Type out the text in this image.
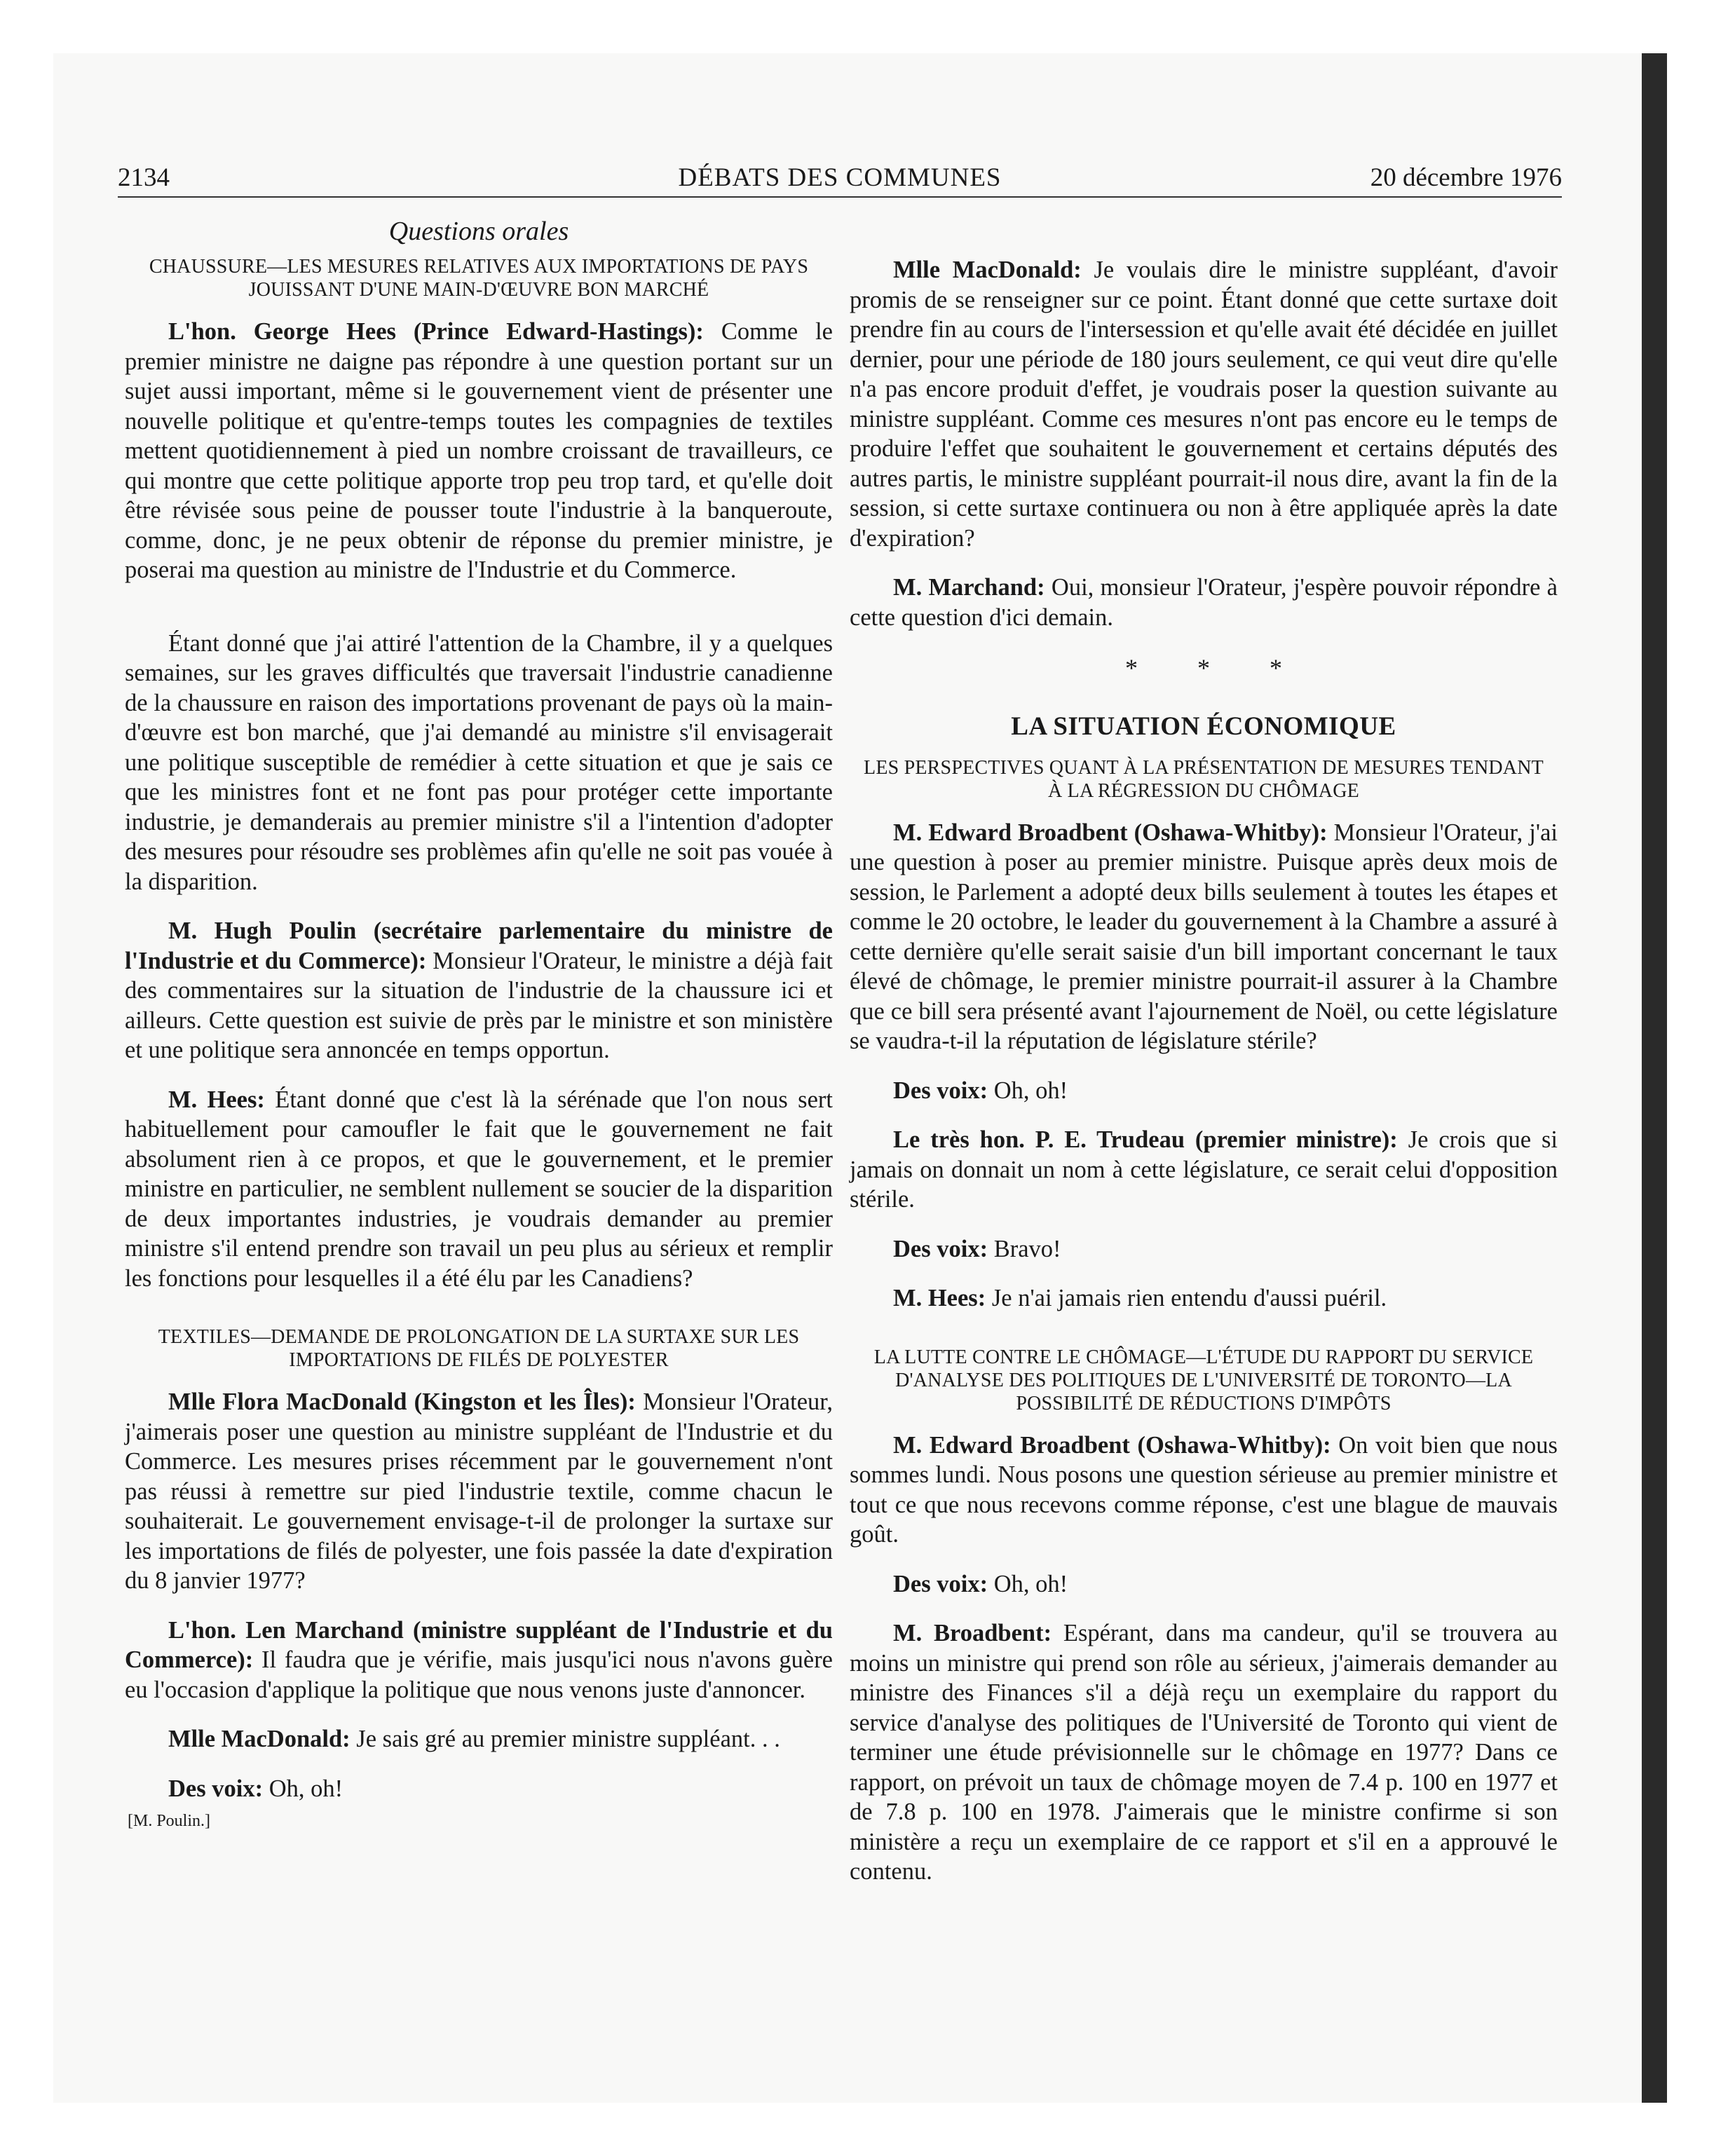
DÉBATS DES COMMUNES
2134	20 décembre 1976
Questions orales
CHAUSSURE—LES MESURES RELATIVES AUX IMPORTATIONS DE PAYS JOUISSANT D'UNE MAIN-D'ŒUVRE BON MARCHÉ

L'hon. George Hees (Prince Edward-Hastings): Comme le premier ministre ne daigne pas répondre à une question portant sur un sujet aussi important, même si le gouvernement vient de présenter une nouvelle politique et qu'entre-temps toutes les compagnies de textiles mettent quotidiennement à pied un nombre croissant de travailleurs, ce qui montre que cette politique apporte trop peu trop tard, et qu'elle doit être révisée sous peine de pousser toute l'industrie à la banqueroute, comme, donc, je ne peux obtenir de réponse du premier ministre, je poserai ma question au ministre de l'Industrie et du Commerce.

Étant donné que j'ai attiré l'attention de la Chambre, il y a quelques semaines, sur les graves difficultés que traversait l'industrie canadienne de la chaussure en raison des importations provenant de pays où la main-d'œuvre est bon marché, que j'ai demandé au ministre s'il envisagerait une politique susceptible de remédier à cette situation et que je sais ce que les ministres font et ne font pas pour protéger cette importante industrie, je demanderais au premier ministre s'il a l'intention d'adopter des mesures pour résoudre ses problèmes afin qu'elle ne soit pas vouée à la disparition.

M. Hugh Poulin (secrétaire parlementaire du ministre de l'Industrie et du Commerce): Monsieur l'Orateur, le ministre a déjà fait des commentaires sur la situation de l'industrie de la chaussure ici et ailleurs. Cette question est suivie de près par le ministre et son ministère et une politique sera annoncée en temps opportun.

M. Hees: Étant donné que c'est là la sérénade que l'on nous sert habituellement pour camoufler le fait que le gouvernement ne fait absolument rien à ce propos, et que le gouvernement, et le premier ministre en particulier, ne semblent nullement se soucier de la disparition de deux importantes industries, je voudrais demander au premier ministre s'il entend prendre son travail un peu plus au sérieux et remplir les fonctions pour lesquelles il a été élu par les Canadiens?

TEXTILES—DEMANDE DE PROLONGATION DE LA SURTAXE SUR LES IMPORTATIONS DE FILÉS DE POLYESTER

Mlle Flora MacDonald (Kingston et les Îles): Monsieur l'Orateur, j'aimerais poser une question au ministre suppléant de l'Industrie et du Commerce. Les mesures prises récemment par le gouvernement n'ont pas réussi à remettre sur pied l'industrie textile, comme chacun le souhaiterait. Le gouvernement envisage-t-il de prolonger la surtaxe sur les importations de filés de polyester, une fois passée la date d'expiration du 8 janvier 1977?

L'hon. Len Marchand (ministre suppléant de l'Industrie et du Commerce): Il faudra que je vérifie, mais jusqu'ici nous n'avons guère eu l'occasion d'applique la politique que nous venons juste d'annoncer.

Mlle MacDonald: Je sais gré au premier ministre suppléant. . .

Des voix: Oh, oh!

[M. Poulin.]

Mlle MacDonald: Je voulais dire le ministre suppléant, d'avoir promis de se renseigner sur ce point. Étant donné que cette surtaxe doit prendre fin au cours de l'intersession et qu'elle avait été décidée en juillet dernier, pour une période de 180 jours seulement, ce qui veut dire qu'elle n'a pas encore produit d'effet, je voudrais poser la question suivante au ministre suppléant. Comme ces mesures n'ont pas encore eu le temps de produire l'effet que souhaitent le gouvernement et certains députés des autres partis, le ministre suppléant pourrait-il nous dire, avant la fin de la session, si cette surtaxe continuera ou non à être appliquée après la date d'expiration?

M. Marchand: Oui, monsieur l'Orateur, j'espère pouvoir répondre à cette question d'ici demain.

* * *
LA SITUATION ÉCONOMIQUE
LES PERSPECTIVES QUANT À LA PRÉSENTATION DE MESURES TENDANT À LA RÉGRESSION DU CHÔMAGE

M. Edward Broadbent (Oshawa-Whitby): Monsieur l'Orateur, j'ai une question à poser au premier ministre. Puisque après deux mois de session, le Parlement a adopté deux bills seulement à toutes les étapes et comme le 20 octobre, le leader du gouvernement à la Chambre a assuré à cette dernière qu'elle serait saisie d'un bill important concernant le taux élevé de chômage, le premier ministre pourrait-il assurer à la Chambre que ce bill sera présenté avant l'ajournement de Noël, ou cette législature se vaudra-t-il la réputation de législature stérile?

Des voix: Oh, oh!

Le très hon. P. E. Trudeau (premier ministre): Je crois que si jamais on donnait un nom à cette législature, ce serait celui d'opposition stérile.

Des voix: Bravo!

M. Hees: Je n'ai jamais rien entendu d'aussi puéril.

LA LUTTE CONTRE LE CHÔMAGE—L'ÉTUDE DU RAPPORT DU SERVICE D'ANALYSE DES POLITIQUES DE L'UNIVERSITÉ DE TORONTO—LA POSSIBILITÉ DE RÉDUCTIONS D'IMPÔTS

M. Edward Broadbent (Oshawa-Whitby): On voit bien que nous sommes lundi. Nous posons une question sérieuse au premier ministre et tout ce que nous recevons comme réponse, c'est une blague de mauvais goût.

Des voix: Oh, oh!

M. Broadbent: Espérant, dans ma candeur, qu'il se trouvera au moins un ministre qui prend son rôle au sérieux, j'aimerais demander au ministre des Finances s'il a déjà reçu un exemplaire du rapport du service d'analyse des politiques de l'Université de Toronto qui vient de terminer une étude prévisionnelle sur le chômage en 1977? Dans ce rapport, on prévoit un taux de chômage moyen de 7.4 p. 100 en 1977 et de 7.8 p. 100 en 1978. J'aimerais que le ministre confirme si son ministère a reçu un exemplaire de ce rapport et s'il en a approuvé le contenu.
